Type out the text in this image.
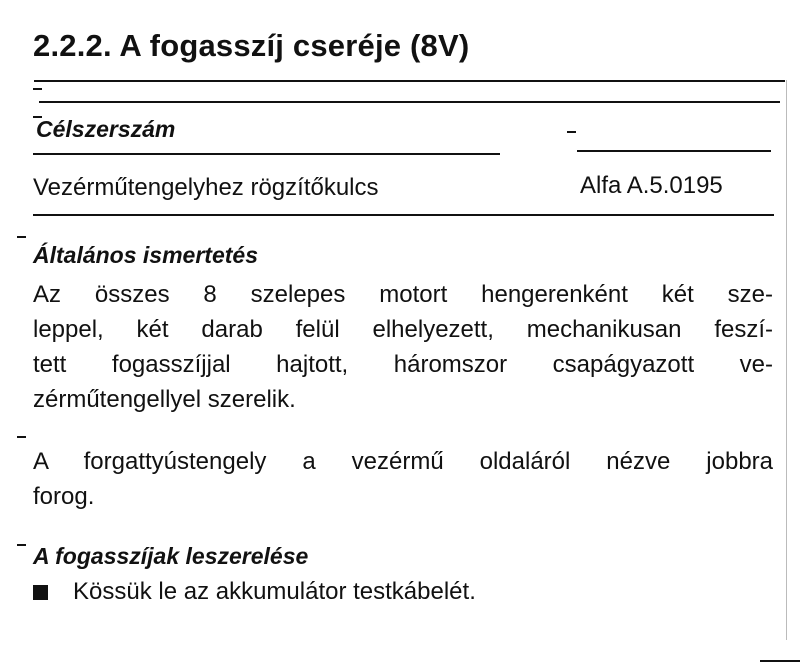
2.2.2. A fogasszíj cseréje (8V)
Célszerszám
Vezérműtengelyhez rögzítőkulcs	Alfa A.5.0195
Általános ismertetés
Az összes 8 szelepes motort hengerenként két sze-
leppel, két darab felül elhelyezett, mechanikusan feszí-
tett fogasszíjjal hajtott, háromszor csapágyazott ve-
zérműtengellyel szerelik.
A forgattyústengely a vezérmű oldaláról nézve jobbra
forog.
A fogasszíjak leszerelése
Kössük le az akkumulátor testkábelét.
